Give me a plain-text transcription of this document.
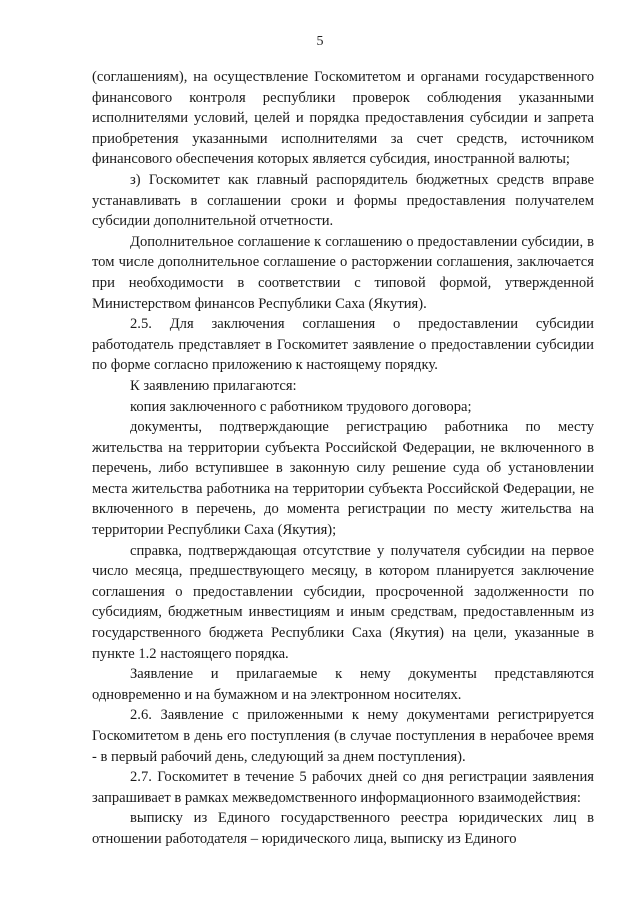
5

(соглашениям), на осуществление Госкомитетом и органами государственного финансового контроля республики проверок соблюдения указанными исполнителями условий, целей и порядка предоставления субсидии и запрета приобретения указанными исполнителями за счет средств, источником финансового обеспечения которых является субсидия, иностранной валюты;

з) Госкомитет как главный распорядитель бюджетных средств вправе устанавливать в соглашении сроки и формы предоставления получателем субсидии дополнительной отчетности.

Дополнительное соглашение к соглашению о предоставлении субсидии, в том числе дополнительное соглашение о расторжении соглашения, заключается при необходимости в соответствии с типовой формой, утвержденной Министерством финансов Республики Саха (Якутия).

2.5. Для заключения соглашения о предоставлении субсидии работодатель представляет в Госкомитет заявление о предоставлении субсидии по форме согласно приложению к настоящему порядку.

К заявлению прилагаются:

копия заключенного с работником трудового договора;

документы, подтверждающие регистрацию работника по месту жительства на территории субъекта Российской Федерации, не включенного в перечень, либо вступившее в законную силу решение суда об установлении места жительства работника на территории субъекта Российской Федерации, не включенного в перечень, до момента регистрации по месту жительства на территории Республики Саха (Якутия);

справка, подтверждающая отсутствие у получателя субсидии на первое число месяца, предшествующего месяцу, в котором планируется заключение соглашения о предоставлении субсидии, просроченной задолженности по субсидиям, бюджетным инвестициям и иным средствам, предоставленным из государственного бюджета Республики Саха (Якутия) на цели, указанные в пункте 1.2 настоящего порядка.

Заявление и прилагаемые к нему документы представляются одновременно и на бумажном и на электронном носителях.

2.6. Заявление с приложенными к нему документами регистрируется Госкомитетом в день его поступления (в случае поступления в нерабочее время - в первый рабочий день, следующий за днем поступления).

2.7. Госкомитет в течение 5 рабочих дней со дня регистрации заявления запрашивает в рамках межведомственного информационного взаимодействия:

выписку из Единого государственного реестра юридических лиц в отношении работодателя – юридического лица, выписку из Единого
